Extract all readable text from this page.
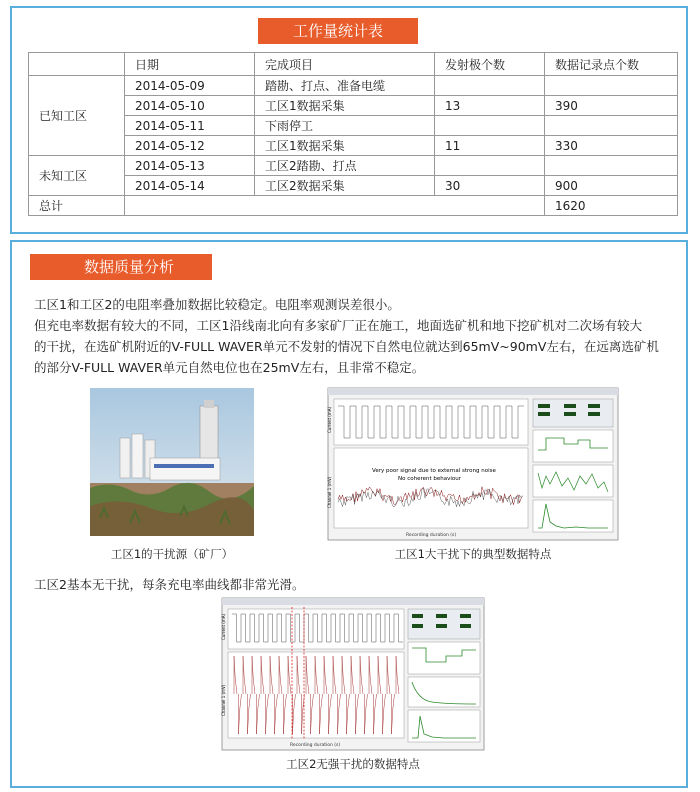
工作量统计表
	日期	完成项目	发射极个数	数据记录点个数
已知工区	2014-05-09	踏勘、打点、准备电缆		
	2014-05-10	工区1数据采集	13	390
	2014-05-11	下雨停工		
	2014-05-12	工区1数据采集	11	330
未知工区	2014-05-13	工区2踏勘、打点		
	2014-05-14	工区2数据采集	30	900
总计				1620
数据质量分析
工区1和工区2的电阻率叠加数据比较稳定。电阻率观测误差很小。
但充电率数据有较大的不同，工区1沿线南北向有多家矿厂正在施工，地面选矿机和地下挖矿机对二次场有较大
的干扰，在选矿机附近的V-FULL WAVER单元不发射的情况下自然电位就达到65mV~90mV左右，在远离选矿机
的部分V-FULL WAVER单元自然电位也在25mV左右，且非常不稳定。
工区1的干扰源（矿厂）
Very poor signal due to external strong noise
No coherent behaviour
Recording duration (s)
Current (mA)
Channel 1 (mV)
工区1大干扰下的典型数据特点
工区2基本无干扰，每条充电率曲线都非常光滑。
Recording duration (s)
Current (mA)
Channel 1 (mV)
工区2无强干扰的数据特点
